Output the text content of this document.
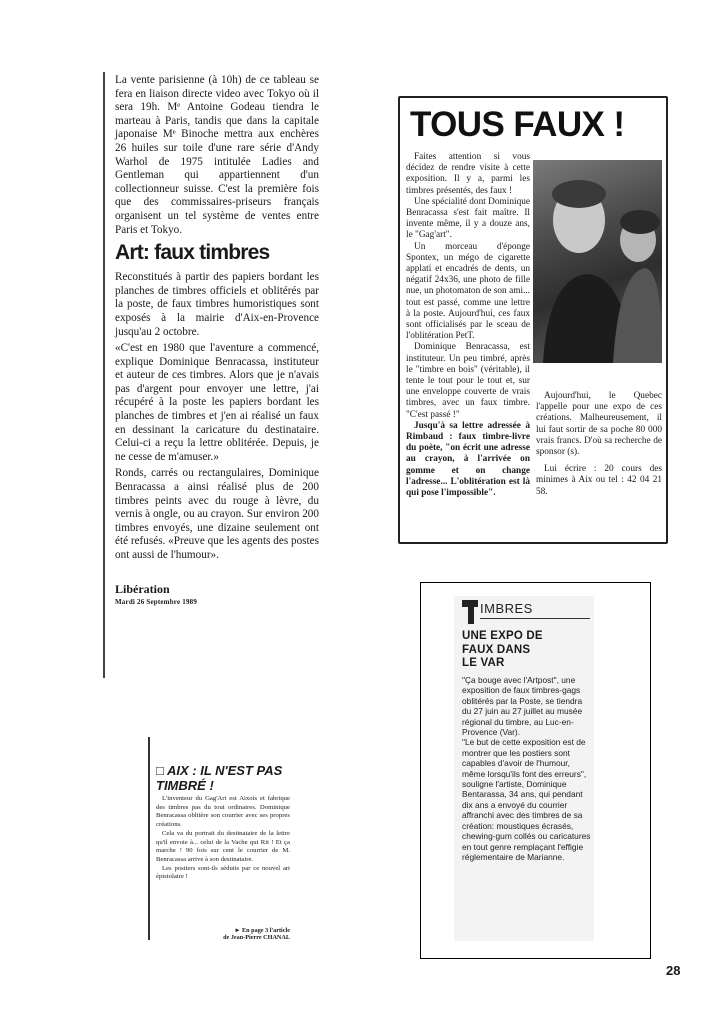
La vente parisienne (à 10h) de ce tableau se fera en liaison directe video avec Tokyo où il sera 19h. Mᵉ Antoine Godeau tiendra le marteau à Paris, tandis que dans la capitale japonaise Mᵉ Binoche mettra aux enchères 26 huiles sur toile d'une rare série d'Andy Warhol de 1975 intitulée Ladies and Gentleman qui appartiennent d'un collectionneur suisse. C'est la première fois que des commissaires-priseurs français organisent un tel système de ventes entre Paris et Tokyo.

Art: faux timbres

Reconstitués à partir des papiers bordant les planches de timbres officiels et oblitérés par la poste, de faux timbres humoristiques sont exposés à la mairie d'Aix-en-Provence jusqu'au 2 octobre.

«C'est en 1980 que l'aventure a commencé, explique Dominique Benracassa, instituteur et auteur de ces timbres. Alors que je n'avais pas d'argent pour envoyer une lettre, j'ai récupéré à la poste les papiers bordant les planches de timbres et j'en ai réalisé un faux en dessinant la caricature du destinataire. Celui-ci a reçu la lettre oblitérée. Depuis, je ne cesse de m'amuser.»

Ronds, carrés ou rectangulaires, Dominique Benracassa a ainsi réalisé plus de 200 timbres peints avec du rouge à lèvre, du vernis à ongle, ou au crayon. Sur environ 200 timbres envoyés, une dizaine seulement ont été refusés. «Preuve que les agents des postes ont aussi de l'humour».

Libération
Mardi 26 Septembre 1989
TOUS FAUX !

Faites attention si vous décidez de rendre visite à cette exposition. Il y a, parmi les timbres présentés, des faux !

Une spécialité dont Dominique Benracassa s'est fait maître. Il invente même, il y a douze ans, le "Gag'art".

Un morceau d'éponge Spontex, un mégo de cigarette applati et encadrés de dents, un négatif 24x36, une photo de fille nue, un photomaton de son ami... tout est passé, comme une lettre à la poste. Aujourd'hui, ces faux sont officialisés par le sceau de l'oblitération PetT.

Dominique Benracassa, est instituteur. Un peu timbré, après le "timbre en bois" (véritable), il tente le tout pour le tout et, sur une enveloppe couverte de vrais timbres, avec un faux timbre. "C'est passé !"

Jusqu'à sa lettre adressée à Rimbaud : faux timbre-livre du poète, "on écrit une adresse au crayon, à l'arrivée on gomme et on change l'adresse... L'oblitération est là qui pose l'impossible".

Aujourd'hui, le Quebec l'appelle pour une expo de ces créations. Malheureusement, il lui faut sortir de sa poche 80 000 vrais francs. D'où sa recherche de sponsor (s).

Lui écrire : 20 cours des minimes à Aix ou tel : 42 04 21 58.

□ AIX : IL N'EST PAS TIMBRÉ !

L'inventeur du Gag'Art est Aixois et fabrique des timbres pas du tout ordinaires. Dominique Benracassa oblitère son courrier avec ses propres créations.

Cela va du portrait du destinataire de la lettre qu'il envoie à... celui de la Vache qui Rit ! Et ça marche ! 90 fois sur cent le courrier de M. Benracassa arrive à son destinataire.

Les postiers sont-ils séduits par ce nouvel art épistolaire !

► En page 3 l'article
de Jean-Pierre CHANAL
IMBRES
UNE EXPO DE
FAUX DANS
LE VAR

"Ça bouge avec l'Artpost", une exposition de faux timbres-gags oblitérés par la Poste, se tiendra du 27 juin au 27 juillet au musée régional du timbre, au Luc-en-Provence (Var).

"Le but de cette exposition est de montrer que les postiers sont capables d'avoir de l'humour, même lorsqu'ils font des erreurs", souligne l'artiste, Dominique Bentarassa, 34 ans, qui pendant dix ans a envoyé du courrier affranchi avec des timbres de sa création: moustiques écrasés, chewing-gum collés ou caricatures en tout genre remplaçant l'effigie réglementaire de Marianne.

28
